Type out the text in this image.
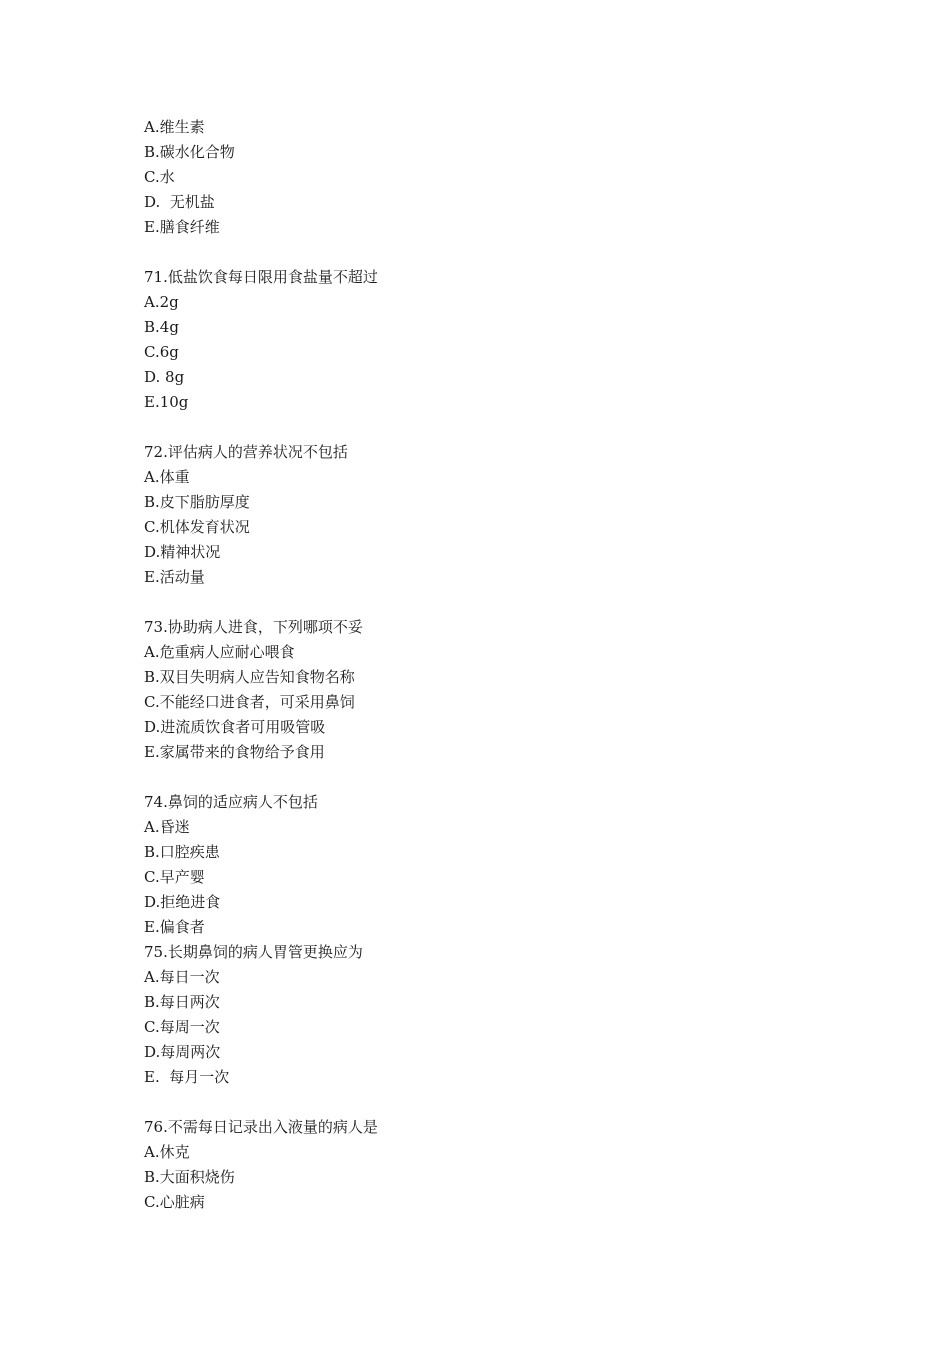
A.维生素
B.碳水化合物
C.水
D.  无机盐
E.膳食纤维
71.低盐饮食每日限用食盐量不超过
A.2g
B.4g
C.6g
D. 8g
E.10g
72.评估病人的营养状况不包括
A.体重
B.皮下脂肪厚度
C.机体发育状况
D.精神状况
E.活动量
73.协助病人进食，下列哪项不妥
A.危重病人应耐心喂食
B.双目失明病人应告知食物名称
C.不能经口进食者，可采用鼻饲
D.进流质饮食者可用吸管吸
E.家属带来的食物给予食用
74.鼻饲的适应病人不包括
A.昏迷
B.口腔疾患
C.早产婴
D.拒绝进食
E.偏食者
75.长期鼻饲的病人胃管更换应为
A.每日一次
B.每日两次
C.每周一次
D.每周两次
E.  每月一次
76.不需每日记录出入液量的病人是
A.休克
B.大面积烧伤
C.心脏病
